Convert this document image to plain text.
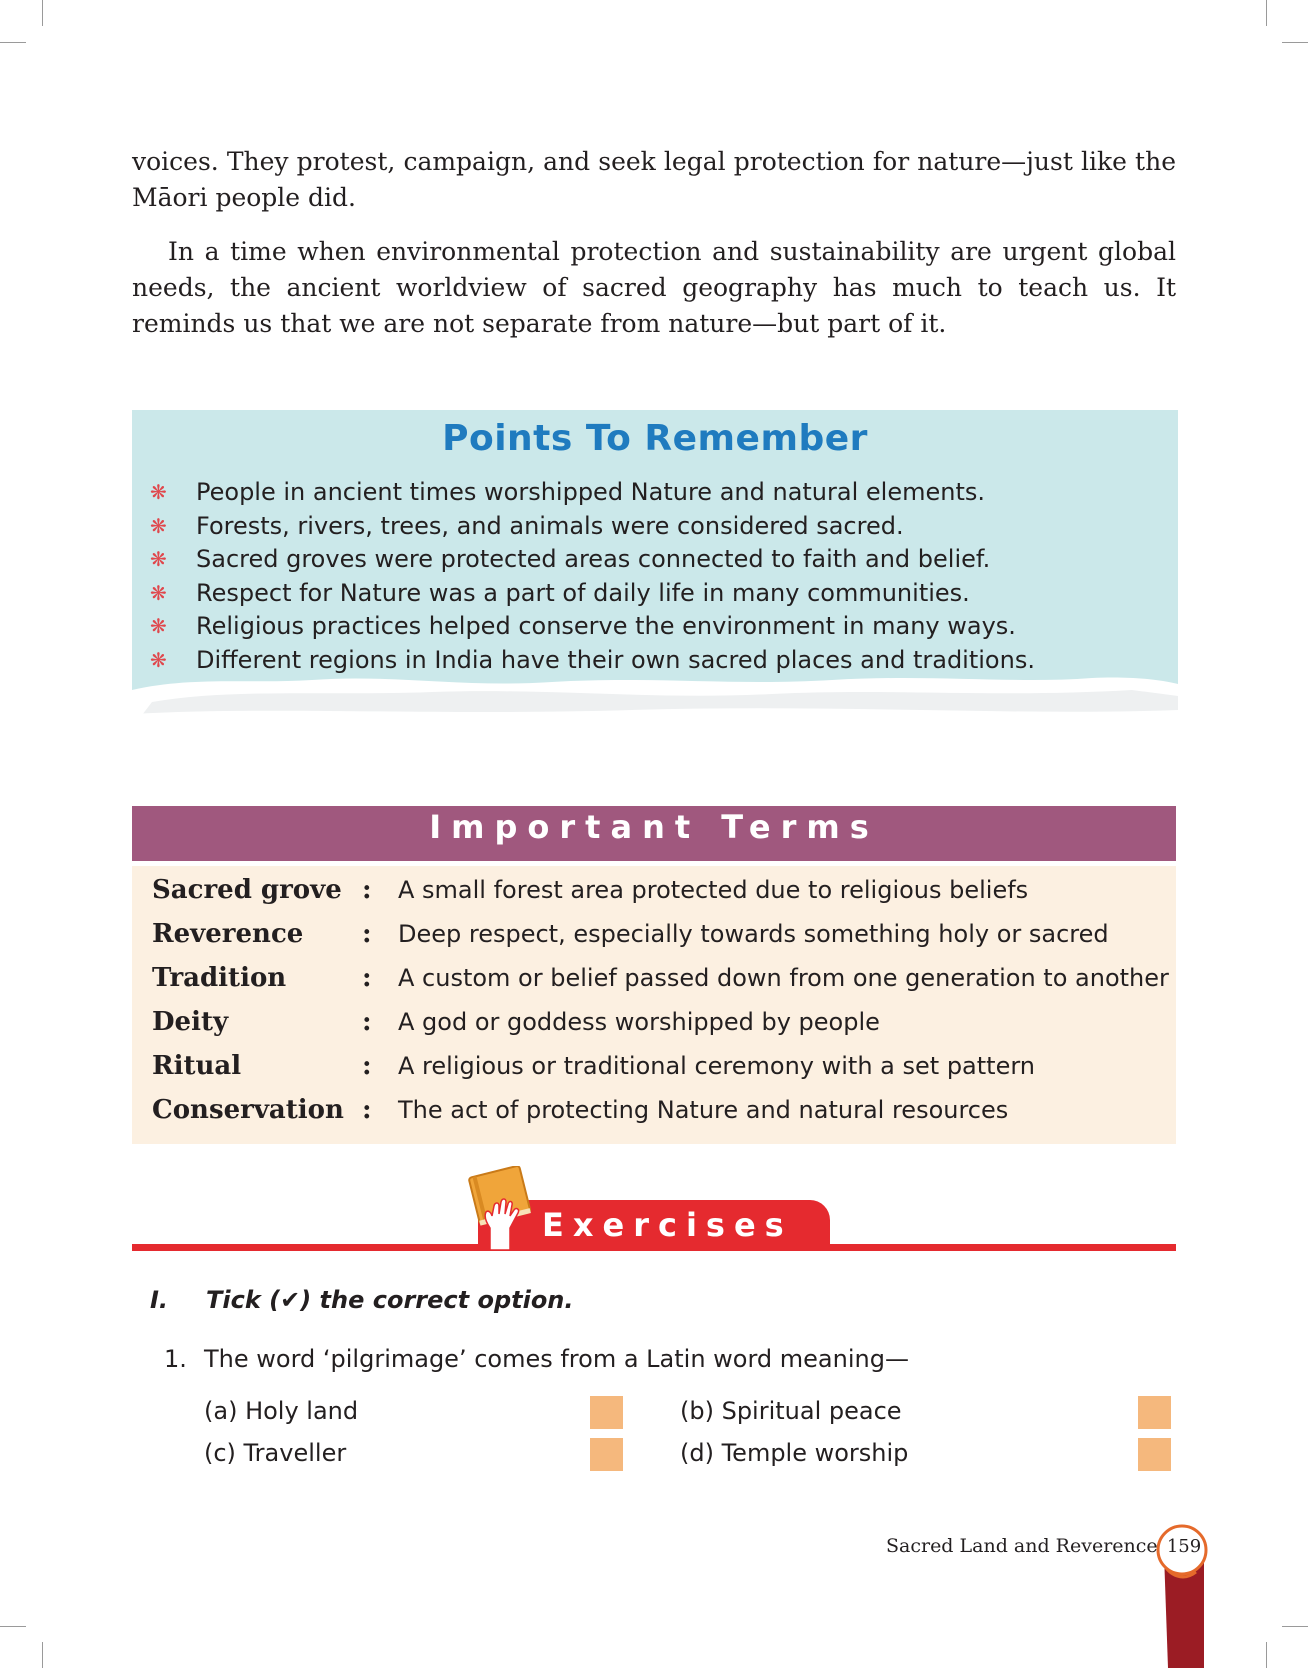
voices. They protest, campaign, and seek legal protection for nature—just like the Māori people did.

In a time when environmental protection and sustainability are urgent global needs, the ancient worldview of sacred geography has much to teach us. It reminds us that we are not separate from nature—but part of it.

Points To Remember
❋ People in ancient times worshipped Nature and natural elements.
❋ Forests, rivers, trees, and animals were considered sacred.
❋ Sacred groves were protected areas connected to faith and belief.
❋ Respect for Nature was a part of daily life in many communities.
❋ Religious practices helped conserve the environment in many ways.
❋ Different regions in India have their own sacred places and traditions.
Important Terms
Sacred grove : A small forest area protected due to religious beliefs
Reverence : Deep respect, especially towards something holy or sacred
Tradition	: A custom or belief passed down from one generation to another
Deity	: A god or goddess worshipped by people
Ritual	: A religious or traditional ceremony with a set pattern
Conservation : The act of protecting Nature and natural resources
Exercises
I. Tick (✔) the correct option.
1. The word ‘pilgrimage’ comes from a Latin word meaning—
(a) Holy land	(b) Spiritual peace
(c) Traveller	(d) Temple worship
Sacred Land and Reverence 159
